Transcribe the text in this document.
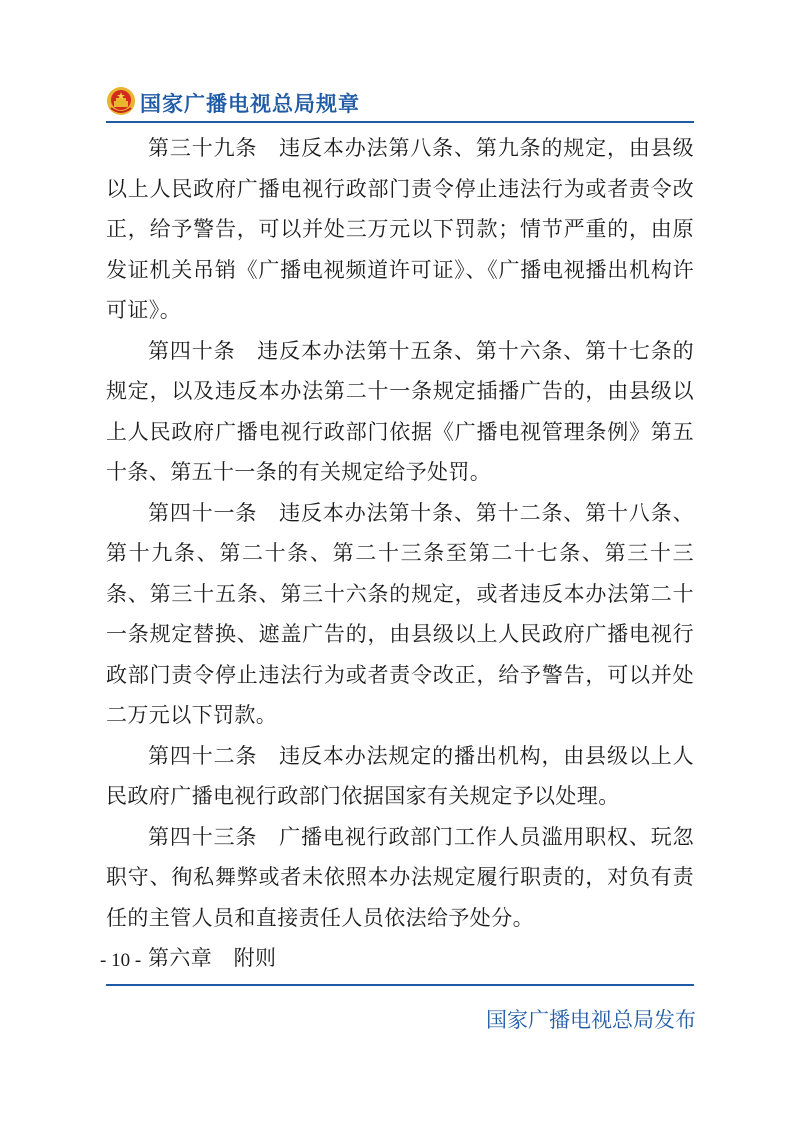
国家广播电视总局规章

第三十九条　违反本办法第八条、第九条的规定，由县级以上人民政府广播电视行政部门责令停止违法行为或者责令改正，给予警告，可以并处三万元以下罚款；情节严重的，由原发证机关吊销《广播电视频道许可证》、《广播电视播出机构许可证》。

第四十条　违反本办法第十五条、第十六条、第十七条的规定，以及违反本办法第二十一条规定插播广告的，由县级以上人民政府广播电视行政部门依据《广播电视管理条例》第五十条、第五十一条的有关规定给予处罚。

第四十一条　违反本办法第十条、第十二条、第十八条、第十九条、第二十条、第二十三条至第二十七条、第三十三条、第三十五条、第三十六条的规定，或者违反本办法第二十一条规定替换、遮盖广告的，由县级以上人民政府广播电视行政部门责令停止违法行为或者责令改正，给予警告，可以并处二万元以下罚款。

第四十二条　违反本办法规定的播出机构，由县级以上人民政府广播电视行政部门依据国家有关规定予以处理。

第四十三条　广播电视行政部门工作人员滥用职权、玩忽职守、徇私舞弊或者未依照本办法规定履行职责的，对负有责任的主管人员和直接责任人员依法给予处分。

第六章　附则

- 10 -
国家广播电视总局发布
